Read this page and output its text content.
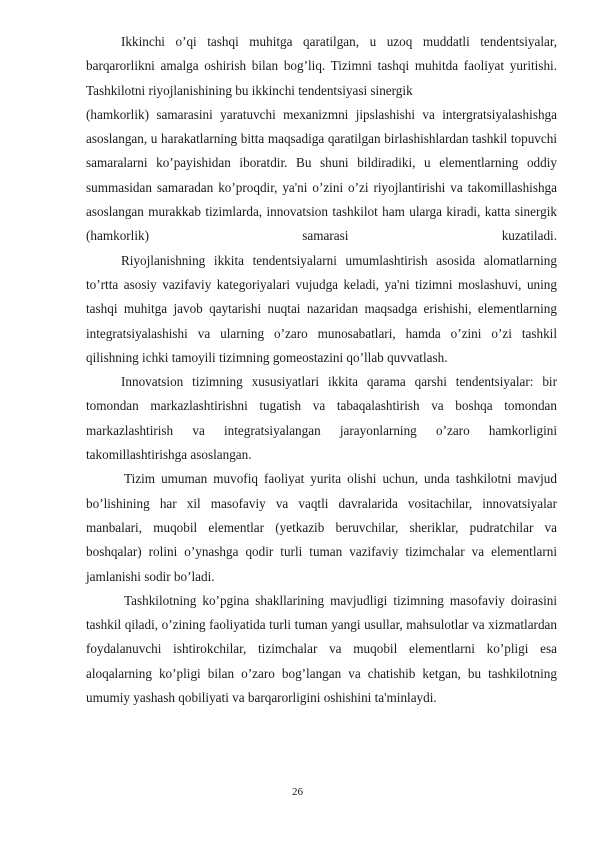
Ikkinchi o’qi tashqi muhitga qaratilgan, u uzoq muddatli tendentsiyalar, barqarorlikni amalga oshirish bilan bog’liq. Tizimni tashqi muhitda faoliyat yuritishi. Tashkilotni riyojlanishining bu ikkinchi tendentsiyasi sinergik

(hamkorlik) samarasini yaratuvchi mexanizmni jipslashishi va intergratsiyalashishga asoslangan, u harakatlarning bitta maqsadiga qaratilgan birlashishlardan tashkil topuvchi samaralarni ko’payishidan iboratdir. Bu shuni bildiradiki, u elementlarning oddiy summasidan samaradan ko’proqdir, ya'ni o’zini o’zi riyojlantirishi va takomillashishga asoslangan murakkab tizimlarda, innovatsion tashkilot ham ularga kiradi, katta sinergik (hamkorlik) samarasi kuzatiladi.

Riyojlanishning ikkita tendentsiyalarni umumlashtirish asosida alomatlarning to’rtta asosiy vazifaviy kategoriyalari vujudga keladi, ya'ni tizimni moslashuvi, uning tashqi muhitga javob qaytarishi nuqtai nazaridan maqsadga erishishi, elementlarning integratsiyalashishi va ularning o’zaro munosabatlari, hamda o’zini o’zi tashkil qilishning ichki tamoyili tizimning gomeostazini qo’llab quvvatlash.

Innovatsion tizimning xususiyatlari ikkita qarama qarshi tendentsiyalar: bir tomondan markazlashtirishni tugatish va tabaqalashtirish va boshqa tomondan markazlashtirish va integratsiyalangan jarayonlarning o’zaro hamkorligini takomillashtirishga asoslangan.

Tizim umuman muvofiq faoliyat yurita olishi uchun, unda tashkilotni mavjud bo’lishining har xil masofaviy va vaqtli davralarida vositachilar, innovatsiyalar manbalari, muqobil elementlar (yetkazib beruvchilar, sheriklar, pudratchilar va boshqalar) rolini o’ynashga qodir turli tuman vazifaviy tizimchalar va elementlarni jamlanishi sodir bo’ladi.

Tashkilotning ko’pgina shakllarining mavjudligi tizimning masofaviy doirasini tashkil qiladi, o’zining faoliyatida turli tuman yangi usullar, mahsulotlar va xizmatlardan foydalanuvchi ishtirokchilar, tizimchalar va muqobil elementlarni ko’pligi esa aloqalarning ko’pligi bilan o’zaro bog’langan va chatishib ketgan, bu tashkilotning umumiy yashash qobiliyati va barqarorligini oshishini ta'minlaydi.

26
